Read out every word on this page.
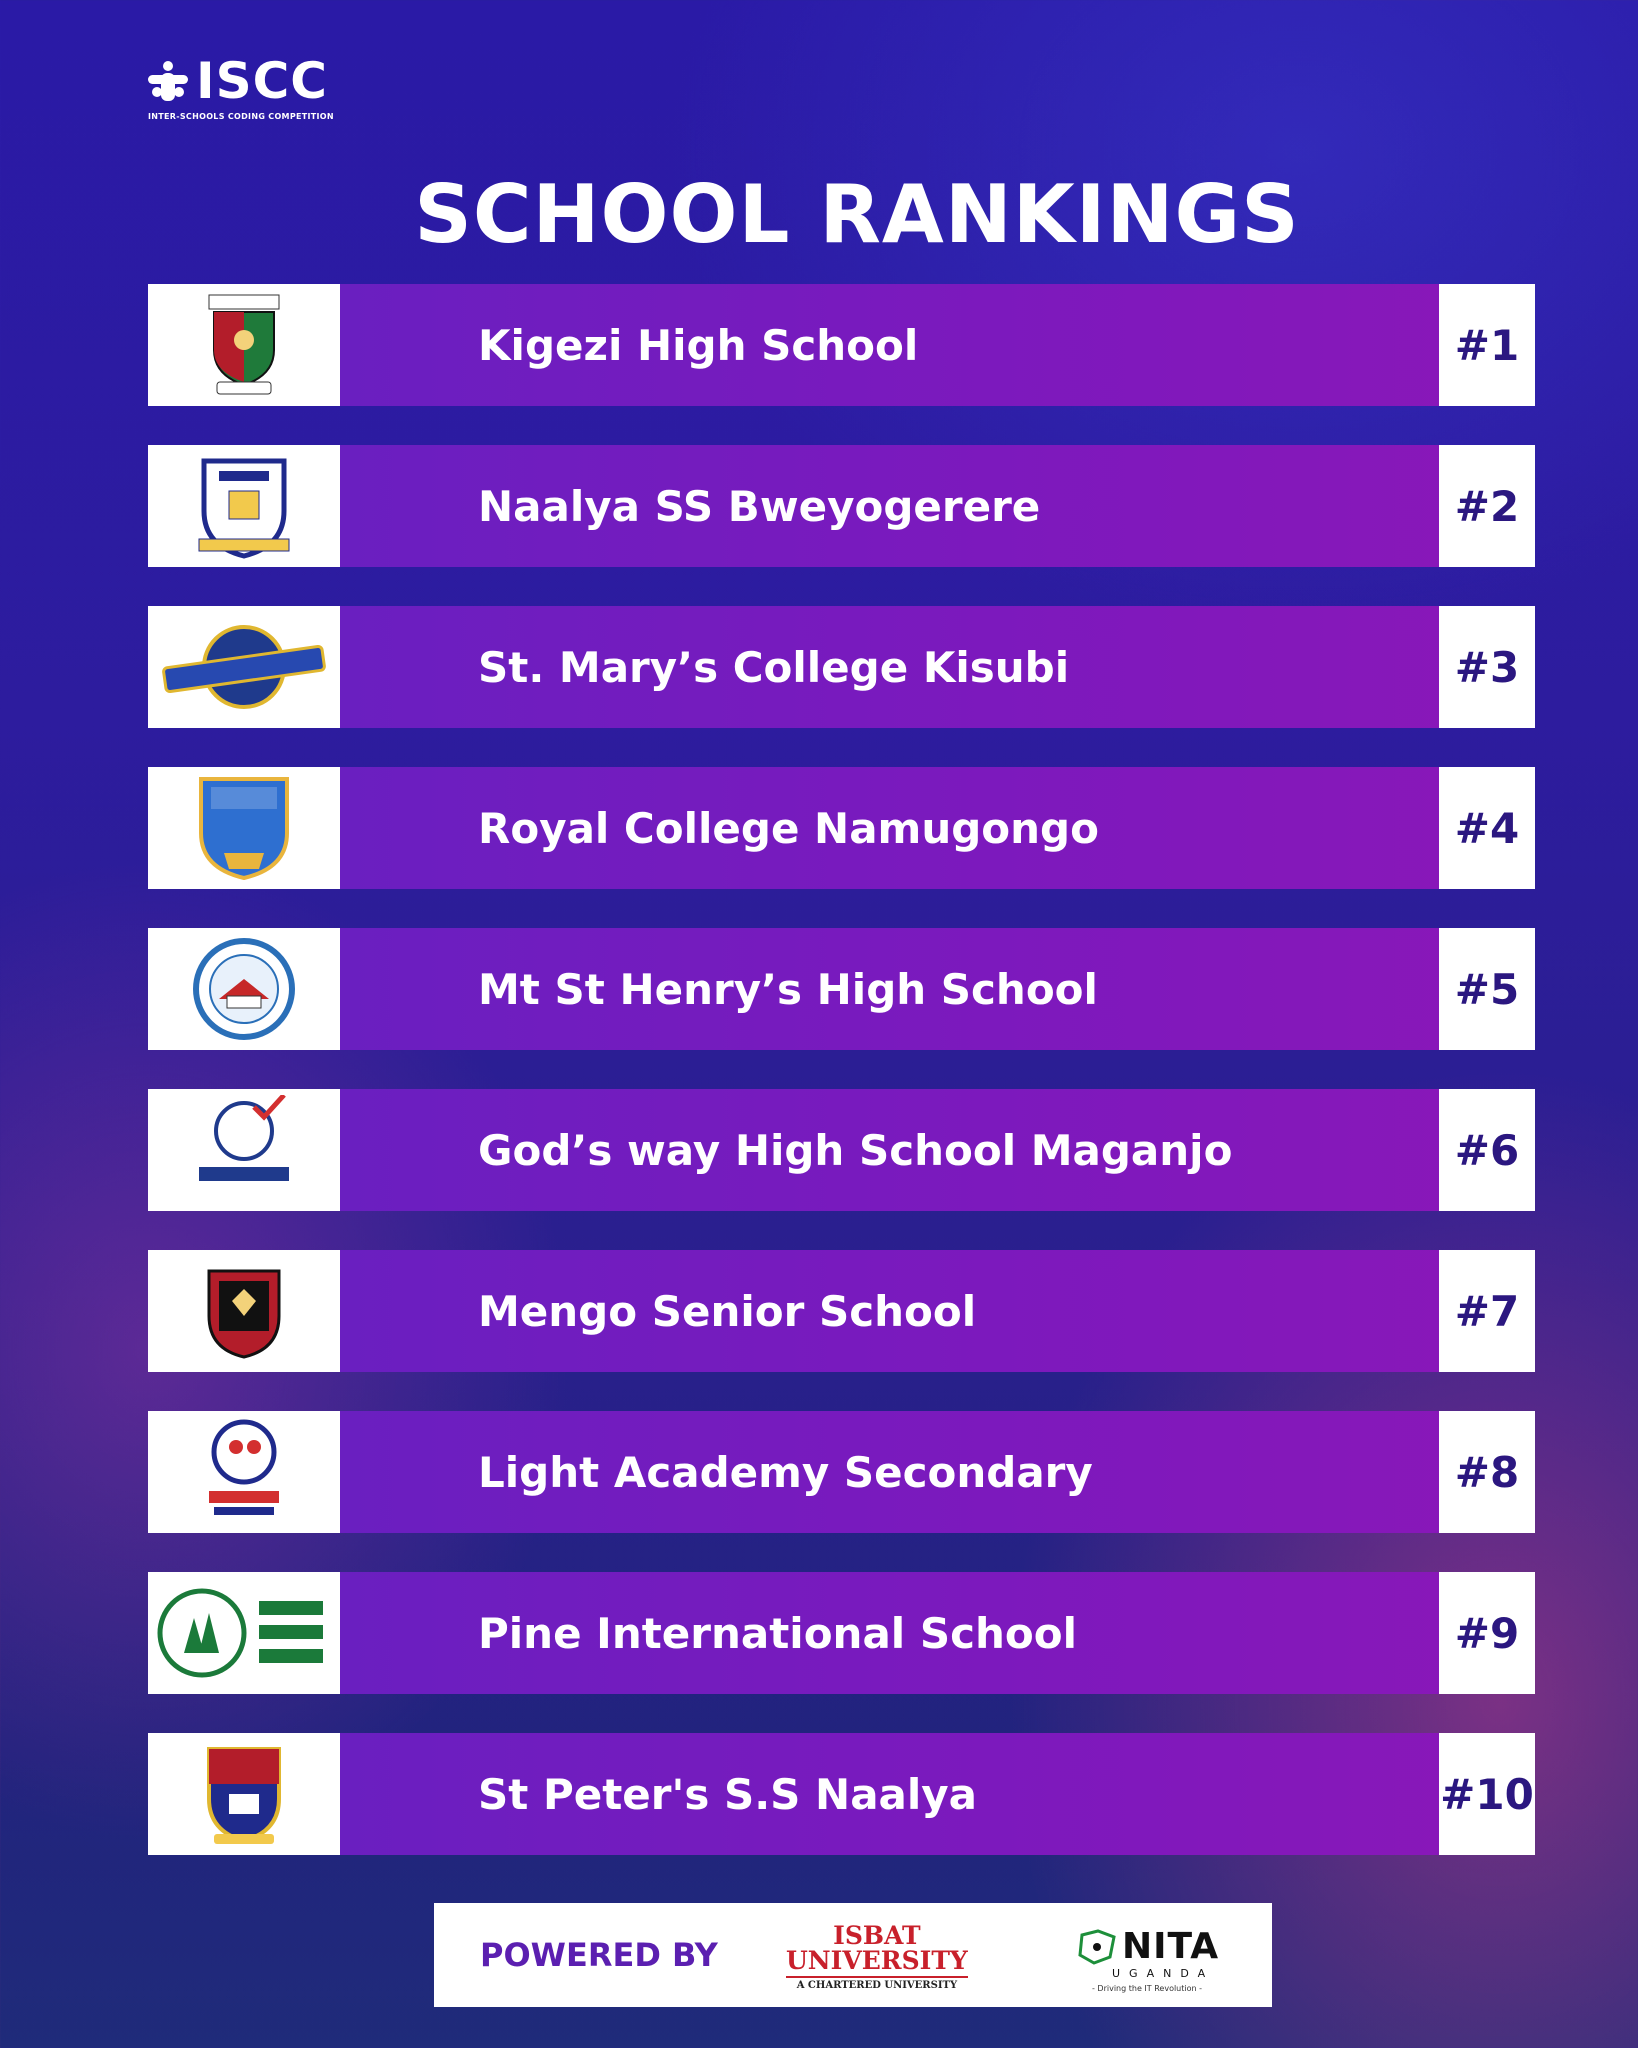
ISCC
INTER-SCHOOLS CODING COMPETITION
SCHOOL RANKINGS
Kigezi High School	#1
Naalya SS Bweyogerere	#2
St. Mary’s College Kisubi	#3
Royal College Namugongo	#4
Mt St Henry’s High School	#5
God’s way High School Maganjo	#6
Mengo Senior School	#7
Light Academy Secondary	#8
Pine International School	#9
St Peter's S.S Naalya	#10
POWERED BY
ISBAT
UNIVERSITY
A CHARTERED UNIVERSITY
NITA
UGANDA
- Driving the IT Revolution -
